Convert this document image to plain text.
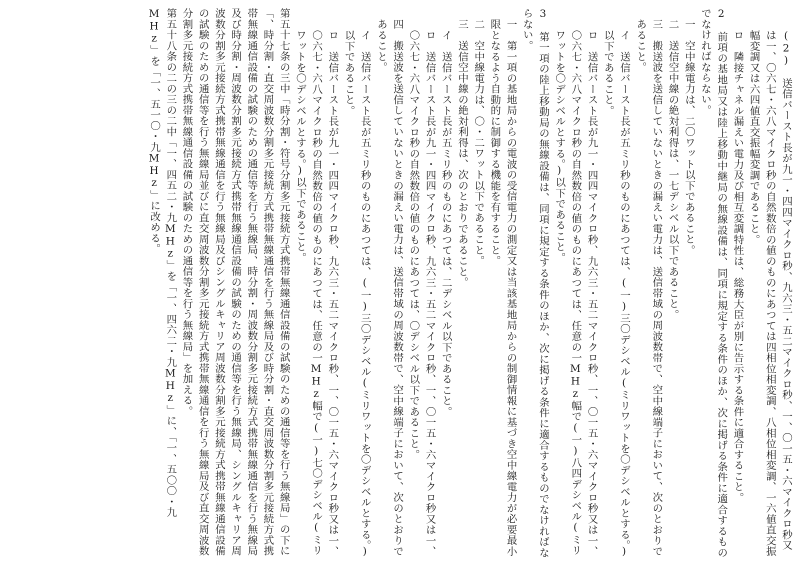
(2)　送信バースト長が九一・四四マイクロ秒、九六三・五二マイクロ秒、一、〇一五・六マイクロ秒又は一、〇六七・六八マイクロ秒の自然数倍の値のものにあつては四相位相変調、八相位相変調、一六値直交振幅変調又は六四値直交振幅変調であること。

ロ　隣接チャネル漏えい電力及び相互変調特性は、総務大臣が別に告示する条件に適合すること。

2　前項の基地局又は陸上移動中継局の無線設備は、同項に規定する条件のほか、次に掲げる条件に適合するものでなければならない。

一　空中線電力は、二〇ワット以下であること。

二　送信空中線の絶対利得は、一七デシベル以下であること。

三　搬送波を送信していないときの漏えい電力は、送信帯域の周波数帯で、空中線端子において、次のとおりであること。

イ　送信バースト長が五ミリ秒のものにあつては、(一)三〇デシベル(ミリワットを〇デシベルとする。)以下であること。

ロ　送信バースト長が九一・四四マイクロ秒、九六三・五二マイクロ秒、一、〇一五・六マイクロ秒又は一、〇六七・六八マイクロ秒の自然数倍の値のものにあつては、任意の一MHz幅で(一)八四デシベル(ミリワットを〇デシベルとする。)以下であること。

3　第一項の陸上移動局の無線設備は、同項に規定する条件のほか、次に掲げる条件に適合するものでなければならない。

一　第一項の基地局からの電波の受信電力の測定又は当該基地局からの制御情報に基づき空中線電力が必要最小限となるよう自動的に制御する機能を有すること。

二　空中線電力は、〇・二ワット以下であること。

三　送信空中線の絶対利得は、次のとおりであること。

イ　送信バースト長が五ミリ秒のものにあつては、二デシベル以下であること。

ロ　送信バースト長が九一・四四マイクロ秒、九六三・五二マイクロ秒、一、〇一五・六マイクロ秒又は一、〇六七・六八マイクロ秒の自然数倍の値のものにあつては、〇デシベル以下であること。

四　搬送波を送信していないときの漏えい電力は、送信帯域の周波数帯で、空中線端子において、次のとおりであること。

イ　送信バースト長が五ミリ秒のものにあつては、(一)三〇デシベル(ミリワットを〇デシベルとする。)以下であること。

ロ　送信バースト長が九一・四四マイクロ秒、九六三・五二マイクロ秒、一、〇一五・六マイクロ秒又は一、〇六七・六八マイクロ秒の自然数倍の値のものにあつては、任意の一MHz幅で(一)七〇デシベル(ミリワットを〇デシベルとする。)以下であること。

第五十七条の三中「時分割・符号分割多元接続方式携帯無線通信設備の試験のための通信等を行う無線局」の下に「、時分割・直交周波数分割多元接続方式携帯無線通信を行う無線局及び時分割・直交周波数分割多元接続方式携帯無線通信設備の試験のための通信等を行う無線局、時分割・周波数分割多元接続方式携帯無線通信を行う無線局及び時分割・周波数分割多元接続方式携帯無線通信設備の試験のための通信等を行う無線局、シングルキャリア周波数分割多元接続方式携帯無線通信を行う無線局及びシングルキャリア周波数分割多元接続方式携帯無線通信設備の試験のための通信等を行う無線局並びに直交周波数分割多元接続方式携帯無線通信を行う無線局及び直交周波数分割多元接続方式携帯無線通信設備の試験のための通信等を行う無線局」を加える。

第五十八条の二の三の二中「一、四五二・九MHz」を「一、四六二・九MHz」に、「一、五〇〇・九MHz」を「一、五一〇・九MHz」に改める。
